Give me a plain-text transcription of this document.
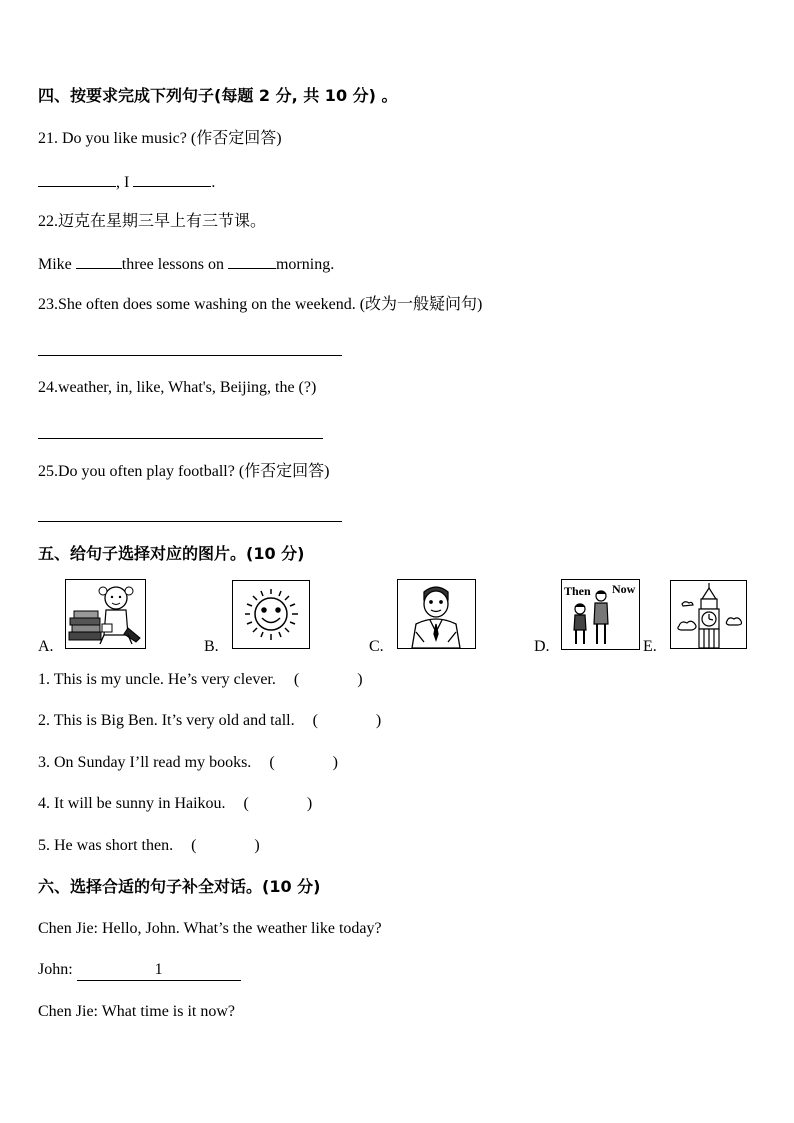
四、按要求完成下列句子(每题 2 分, 共 10 分) 。
21. Do you like music? (作否定回答)
, I	.
22.迈克在星期三早上有三节课。
Mike	three lessons on	morning.
23.She often does some washing on the weekend. (改为一般疑问句)
24.weather, in, like, What's, Beijing, the (?)
25.Do you often play football? (作否定回答)
五、给句子选择对应的图片。(10 分)
A.	B.	C.	D.
Then Now
E.
1. This is my uncle. He’s very clever. (	)
2. This is Big Ben. It’s very old and tall. (	)
3. On Sunday I’ll read my books. (	)
4. It will be sunny in Haikou. (	)
5. He was short then. (	)
六、选择合适的句子补全对话。(10 分)
Chen Jie: Hello, John. What’s the weather like today?
John:	1
Chen Jie: What time is it now?
